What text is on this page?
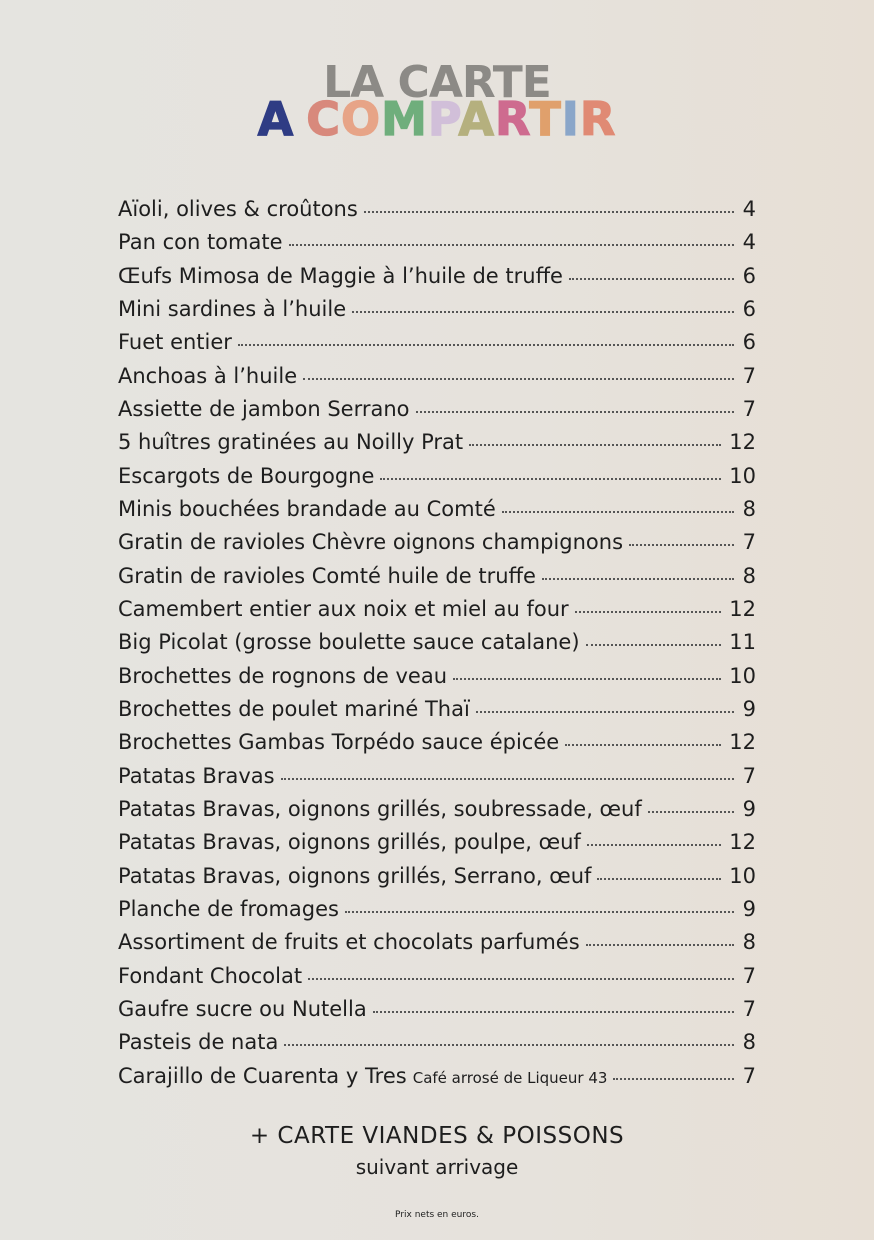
LA CARTE
A COMPARTIR
Aïoli, olives & croûtons	4
Pan con tomate	4
Œufs Mimosa de Maggie à l’huile de truffe	6
Mini sardines à l’huile	6
Fuet entier	6
Anchoas à l’huile	7
Assiette de jambon Serrano	7
5 huîtres gratinées au Noilly Prat	12
Escargots de Bourgogne	10
Minis bouchées brandade au Comté	8
Gratin de ravioles Chèvre oignons champignons	7
Gratin de ravioles Comté huile de truffe	8
Camembert entier aux noix et miel au four	12
Big Picolat (grosse boulette sauce catalane)	11
Brochettes de rognons de veau	10
Brochettes de poulet mariné Thaï	9
Brochettes Gambas Torpédo sauce épicée	12
Patatas Bravas	7
Patatas Bravas, oignons grillés, soubressade, œuf	9
Patatas Bravas, oignons grillés, poulpe, œuf	12
Patatas Bravas, oignons grillés, Serrano, œuf	10
Planche de fromages	9
Assortiment de fruits et chocolats parfumés	8
Fondant Chocolat	7
Gaufre sucre ou Nutella	7
Pasteis de nata	8
Carajillo de Cuarenta y Tres Café arrosé de Liqueur 43	7
+ CARTE VIANDES & POISSONS
suivant arrivage
Prix nets en euros.
